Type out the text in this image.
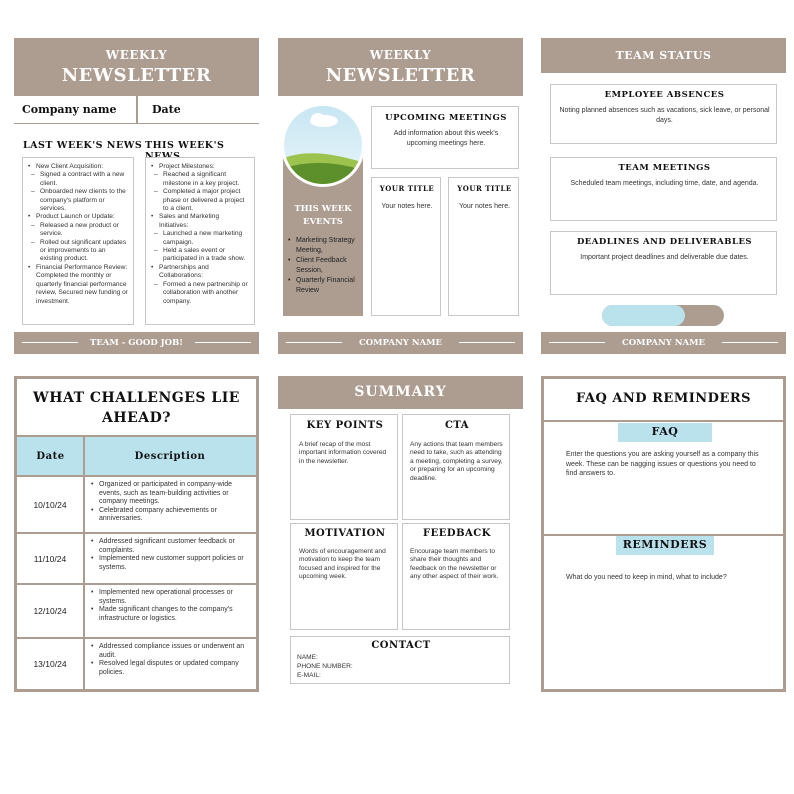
WEEKLY
NEWSLETTER
Company name	Date
LAST WEEK'S NEWS THIS WEEK'S
• New Client Acquisition:
– Signed a contract with a new client.
– Onboarded new clients to the company's platform or services.
• Product Launch or Update:
– Released a new product or service.
– Rolled out significant updates or improvements to an existing product.
• Financial Performance Review: Completed the monthly or quarterly financial performance review, Secured new funding or investment.
• Project Milestones:
– Reached a significant milestone in a key project.
– Completed a major project phase or delivered a project to a client.
• Sales and Marketing Initiatives:
– Launched a new marketing campaign.
– Held a sales event or participated in a trade show.
• Partnerships and Collaborations:
– Formed a new partnership or collaboration with another company.
TEAM - GOOD JOB!
WEEKLY
NEWSLETTER
THIS WEEK
EVENTS
• Marketing Strategy Meeting,
• Client Feedback Session,
• Quarterly Financial Review
UPCOMING MEETINGS
Add information about this week's upcoming meetings here.
YOUR TITLE
Your notes here.
YOUR TITLE
Your notes here.
COMPANY NAME
TEAM STATUS
EMPLOYEE ABSENCES
Noting planned absences such as vacations, sick leave, or personal days.
TEAM MEETINGS
Scheduled team meetings, including time, date, and agenda.
DEADLINES AND DELIVERABLES
Important project deadlines and deliverable due dates.
COMPANY NAME
WHAT CHALLENGES LIE
AHEAD?
Date	Description
10/10/24
• Organized or participated in company-wide events, such as team-building activities or company meetings.
• Celebrated company achievements or anniversaries.
11/10/24
• Addressed significant customer feedback or complaints.
• Implemented new customer support policies or systems.
12/10/24
• Implemented new operational processes or systems.
• Made significant changes to the company's infrastructure or logistics.
13/10/24
• Addressed compliance issues or underwent an audit.
• Resolved legal disputes or updated company policies.
SUMMARY
KEY POINTS
A brief recap of the most important information covered in the newsletter.
CTA
Any actions that team members need to take, such as attending a meeting, completing a survey, or preparing for an upcoming deadline.
MOTIVATION
Words of encouragement and motivation to keep the team focused and inspired for the upcoming week.
FEEDBACK
Encourage team members to share their thoughts and feedback on the newsletter or any other aspect of their work.
CONTACT
NAME:
PHONE NUMBER:
E-MAIL:
FAQ AND REMINDERS
FAQ
Enter the questions you are asking yourself as a company this week. These can be nagging issues or questions you need to find answers to.
REMINDERS
What do you need to keep in mind, what to include?
